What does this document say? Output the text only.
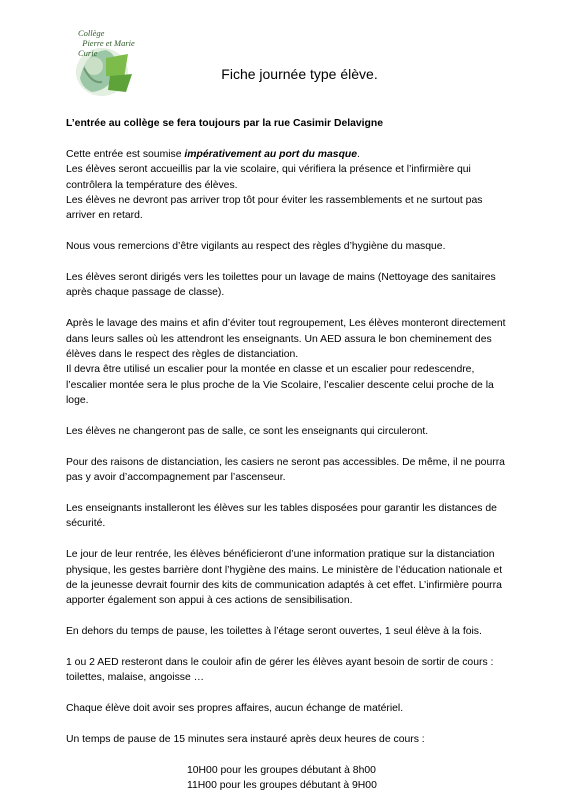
Collège
Pierre et Marie Curie
Fiche journée type élève.

L’entrée au collège se fera toujours par la rue Casimir Delavigne

Cette entrée est soumise impérativement au port du masque.

Les élèves seront accueillis par la vie scolaire, qui vérifiera la présence et l’infirmière qui contrôlera la température des élèves.

Les élèves ne devront pas arriver trop tôt pour éviter les rassemblements et ne surtout pas arriver en retard.

Nous vous remercions d’être vigilants au respect des règles d’hygiène du masque.

Les élèves seront dirigés vers les toilettes pour un lavage de mains (Nettoyage des sanitaires après chaque passage de classe).

Après le lavage des mains et afin d’éviter tout regroupement, Les élèves monteront directement dans leurs salles où les attendront les enseignants. Un AED assura le bon cheminement des élèves dans le respect des règles de distanciation.

Il devra être utilisé un escalier pour la montée en classe et un escalier pour redescendre, l’escalier montée sera le plus proche de la Vie Scolaire, l’escalier descente celui proche de la loge.

Les élèves ne changeront pas de salle, ce sont les enseignants qui circuleront.

Pour des raisons de distanciation, les casiers ne seront pas accessibles. De même, il ne pourra pas y avoir d’accompagnement par l’ascenseur.

Les enseignants installeront les élèves sur les tables disposées pour garantir les distances de sécurité.

Le jour de leur rentrée, les élèves bénéficieront d’une information pratique sur la distanciation physique, les gestes barrière dont l’hygiène des mains. Le ministère de l’éducation nationale et de la jeunesse devrait fournir des kits de communication adaptés à cet effet. L’infirmière pourra apporter également son appui à ces actions de sensibilisation.

En dehors du temps de pause, les toilettes à l’étage seront ouvertes, 1 seul élève à la fois.

1 ou 2 AED resteront dans le couloir afin de gérer les élèves ayant besoin de sortir de cours : toilettes, malaise, angoisse …

Chaque élève doit avoir ses propres affaires, aucun échange de matériel.

Un temps de pause de 15 minutes sera instauré après deux heures de cours :

10H00 pour les groupes débutant à 8h00

11H00 pour les groupes débutant à 9H00
